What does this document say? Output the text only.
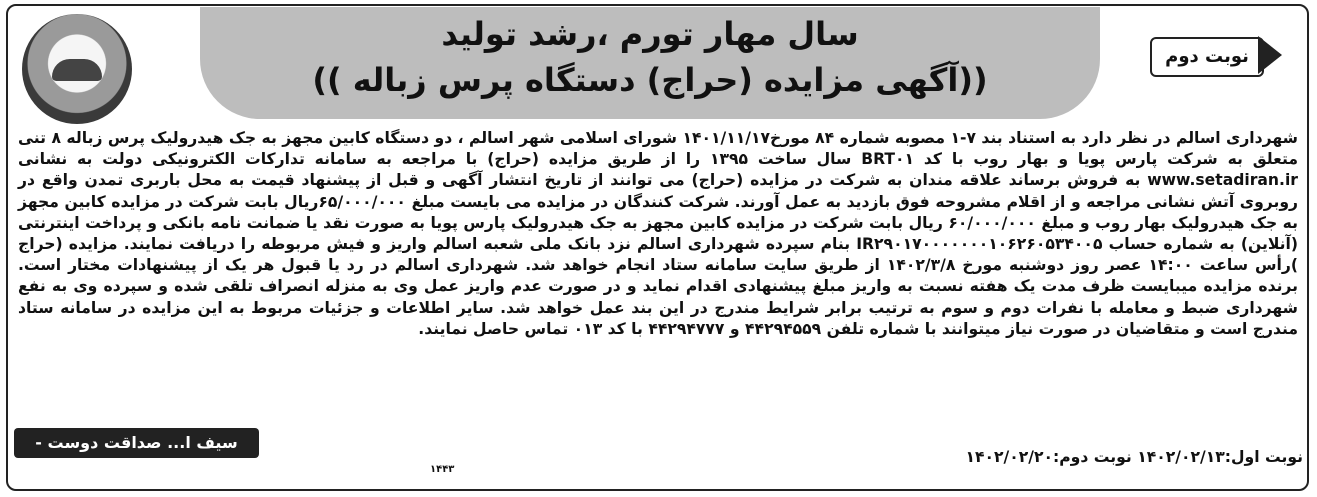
سال مهار تورم ،رشد تولید
((آگهی مزایده (حراج) دستگاه پرس زباله ))
نوبت دوم

شهرداری اسالم در نظر دارد به استناد بند ۷-۱ مصوبه شماره ۸۴ مورخ۱۴۰۱/۱۱/۱۷ شورای اسلامی شهر اسالم ، دو دستگاه کابین مجهز به جک هیدرولیک پرس زباله ۸ تنی متعلق به شرکت پارس پویا و بهار روب با کد BRT۰۱ سال ساخت ۱۳۹۵ را از طریق مزایده (حراج) با مراجعه به سامانه تدارکات الکترونیکی دولت به نشانی www.setadiran.ir به فروش برساند علاقه مندان به شرکت در مزایده (حراج) می توانند از تاریخ انتشار آگهی و قبل از پیشنهاد قیمت به محل باربری تمدن واقع در روبروی آتش نشانی مراجعه و از اقلام مشروحه فوق بازدید به عمل آورند. شرکت کنندگان در مزایده می بایست مبلغ ۶۵/۰۰۰/۰۰۰ریال بابت شرکت در مزایده کابین مجهز به جک هیدرولیک بهار روب و مبلغ ۶۰/۰۰۰/۰۰۰ ریال بابت شرکت در مزایده کابین مجهز به جک هیدرولیک پارس پویا به صورت نقد یا ضمانت نامه بانکی و پرداخت اینترنتی (آنلاین) به شماره حساب IR۲۹۰۱۷۰۰۰۰۰۰۰۱۰۶۲۶۰۵۳۴۰۰۵ بنام سپرده شهرداری اسالم نزد بانک ملی شعبه اسالم واریز و فیش مربوطه را دریافت نمایند. مزایده (حراج )رأس ساعت ۱۴:۰۰ عصر روز دوشنبه مورخ ۱۴۰۲/۳/۸ از طریق سایت سامانه ستاد انجام خواهد شد. شهرداری اسالم در رد یا قبول هر یک از پیشنهادات مختار است. برنده مزایده میبایست ظرف مدت یک هفته نسبت به واریز مبلغ پیشنهادی اقدام نماید و در صورت عدم واریز عمل وی به منزله انصراف تلقی شده و سپرده وی به نفع شهرداری ضبط و معامله با نفرات دوم و سوم به ترتیب برابر شرایط مندرج در این بند عمل خواهد شد. سایر اطلاعات و جزئیات مربوط به این مزایده در سامانه ستاد مندرج است و متقاضیان در صورت نیاز میتوانند با شماره تلفن ۴۴۲۹۴۵۵۹ و ۴۴۲۹۴۷۷۷ با کد ۰۱۳ تماس حاصل نمایند.

سیف ا... صداقت دوست - شهردار اسالم
نوبت اول:۱۴۰۲/۰۲/۱۳ نوبت دوم:۱۴۰۲/۰۲/۲۰
۱۴۴۳
